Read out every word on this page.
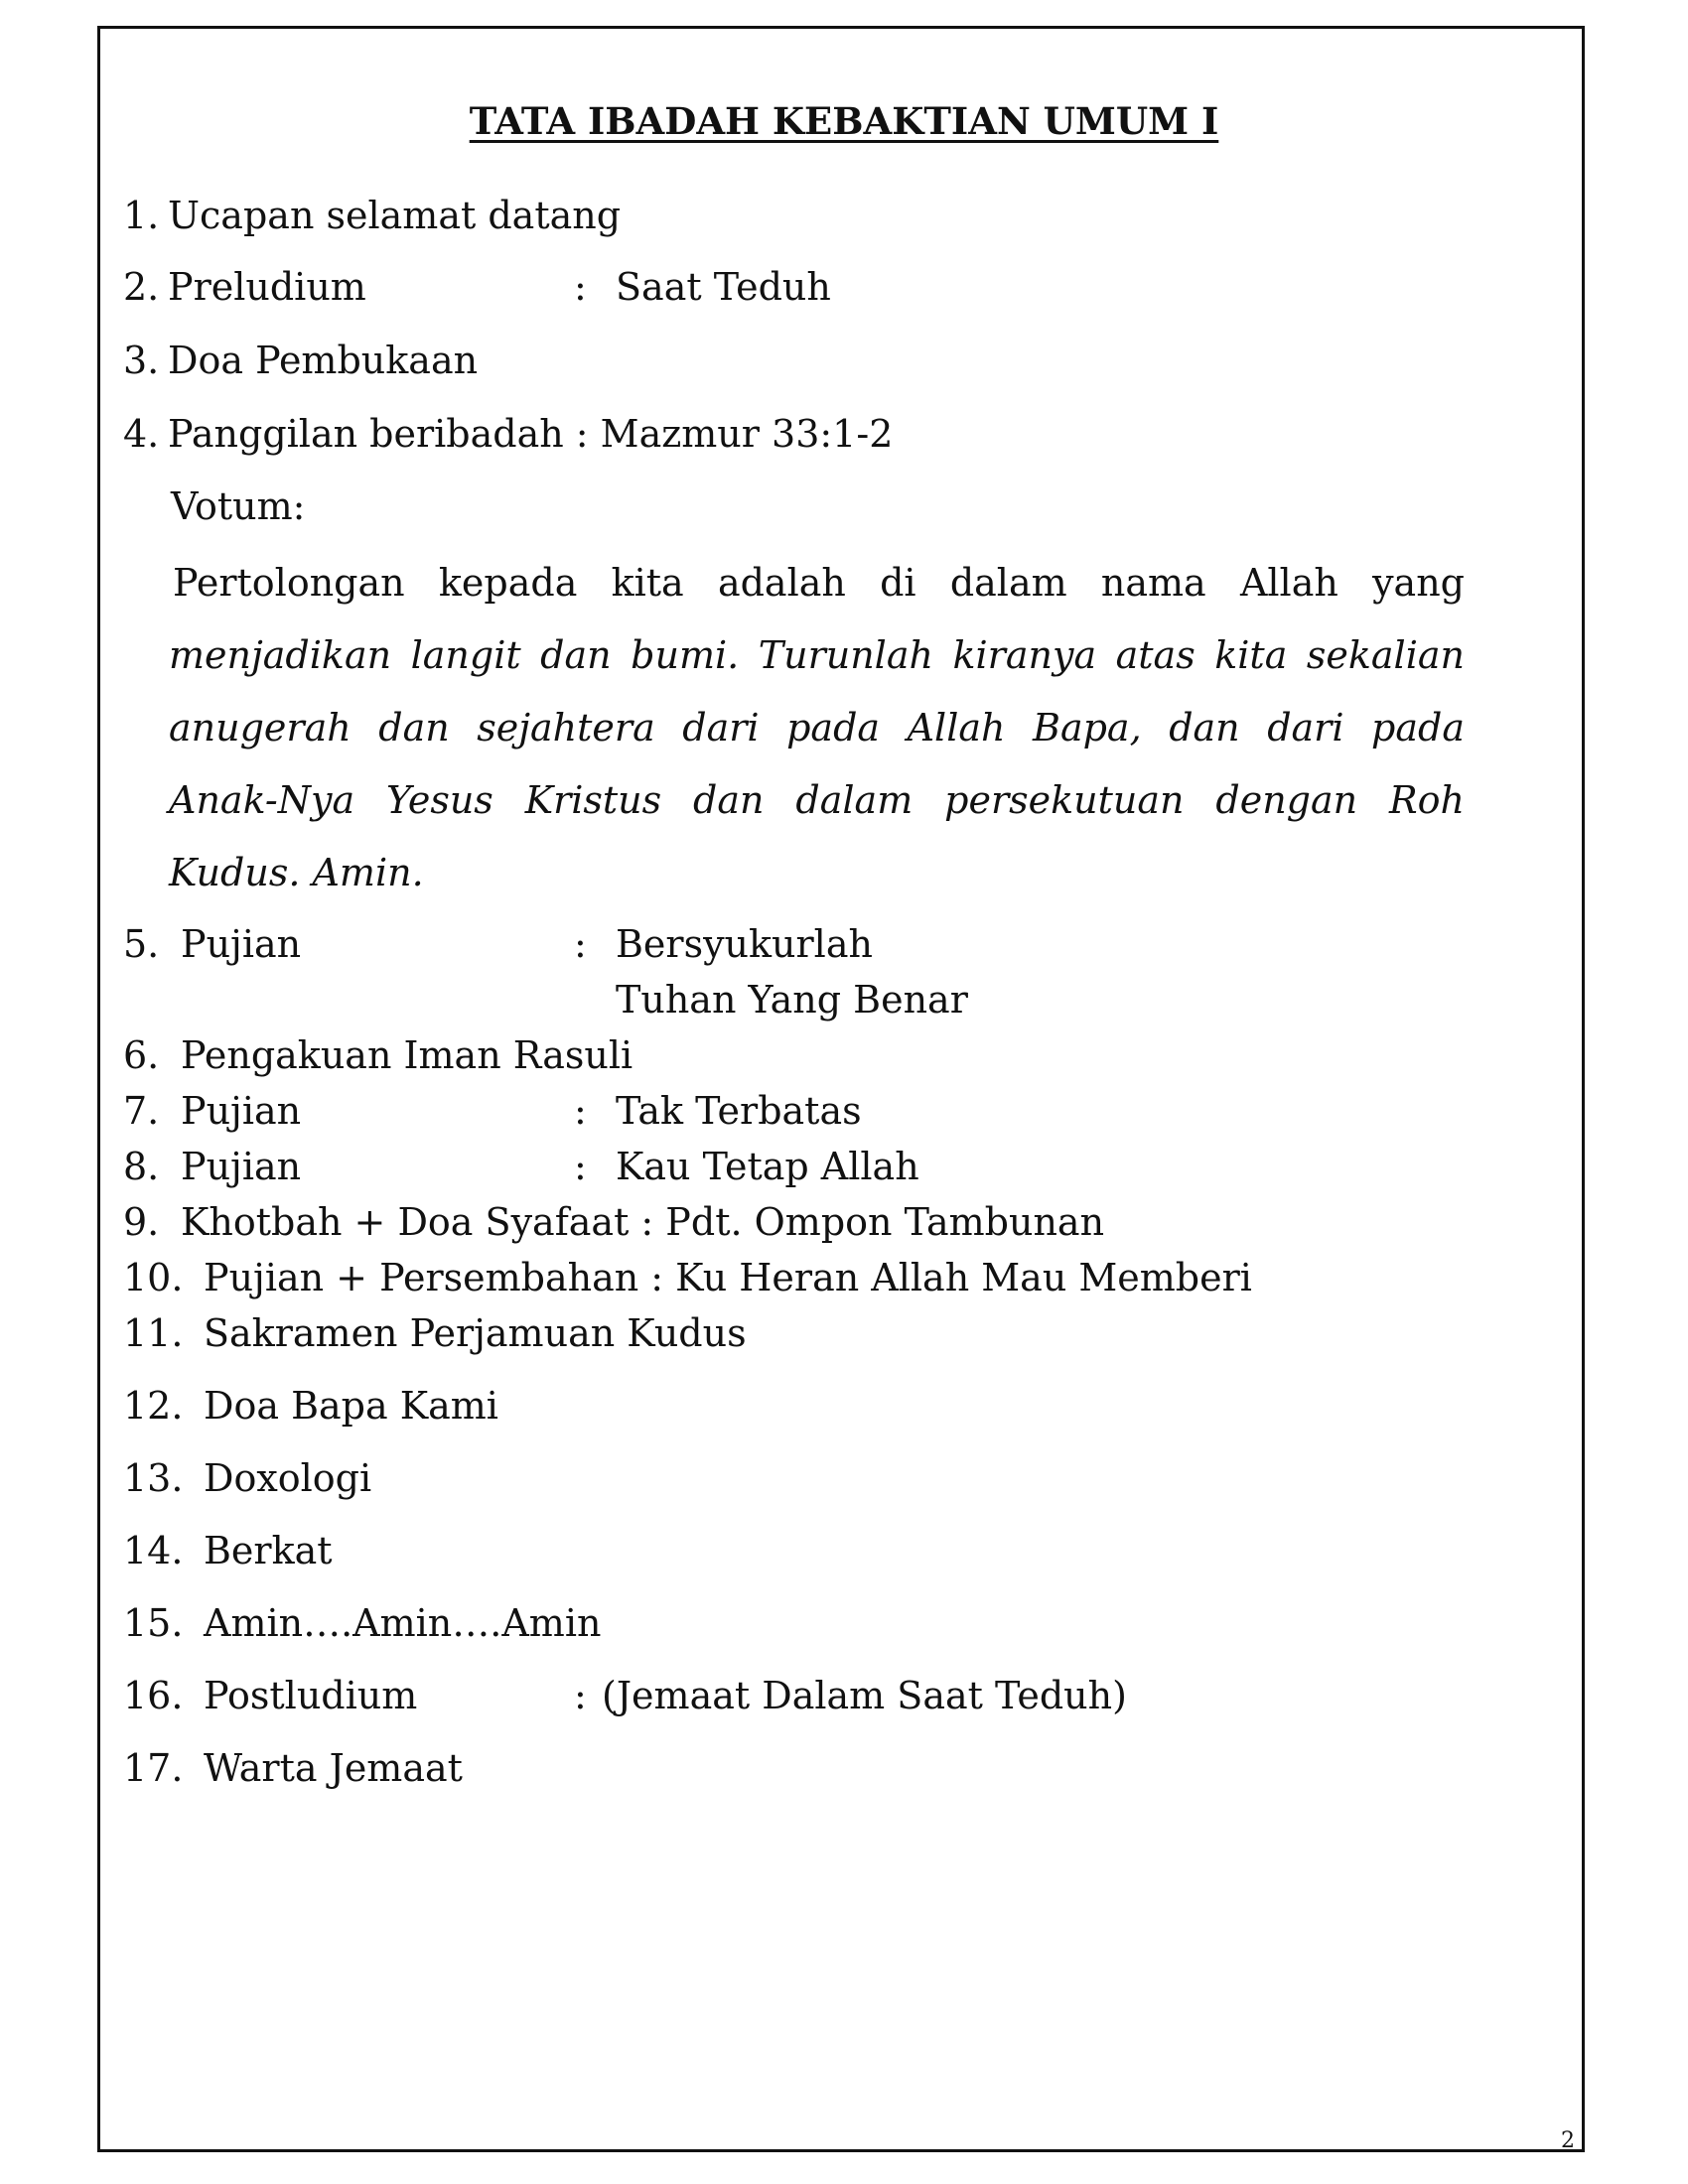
TATA IBADAH KEBAKTIAN UMUM I
1. Ucapan selamat datang
2. Preludium	: Saat Teduh
3. Doa Pembukaan
4. Panggilan beribadah : Mazmur 33:1-2
Votum:
Pertolongan kepada kita adalah di dalam nama Allah yang
menjadikan langit dan bumi. Turunlah kiranya atas kita sekalian
anugerah dan sejahtera dari pada Allah Bapa, dan dari pada
Anak-Nya Yesus Kristus dan dalam persekutuan dengan Roh
Kudus. Amin.
5. Pujian	: Bersyukurlah
Tuhan Yang Benar
6. Pengakuan Iman Rasuli
7. Pujian	: Tak Terbatas
8. Pujian	: Kau Tetap Allah
9. Khotbah + Doa Syafaat : Pdt. Ompon Tambunan
10. Pujian + Persembahan : Ku Heran Allah Mau Memberi
11. Sakramen Perjamuan Kudus
12. Doa Bapa Kami
13. Doxologi
14. Berkat
15. Amin….Amin….Amin
16. Postludium	: (Jemaat Dalam Saat Teduh)
17. Warta Jemaat
2
